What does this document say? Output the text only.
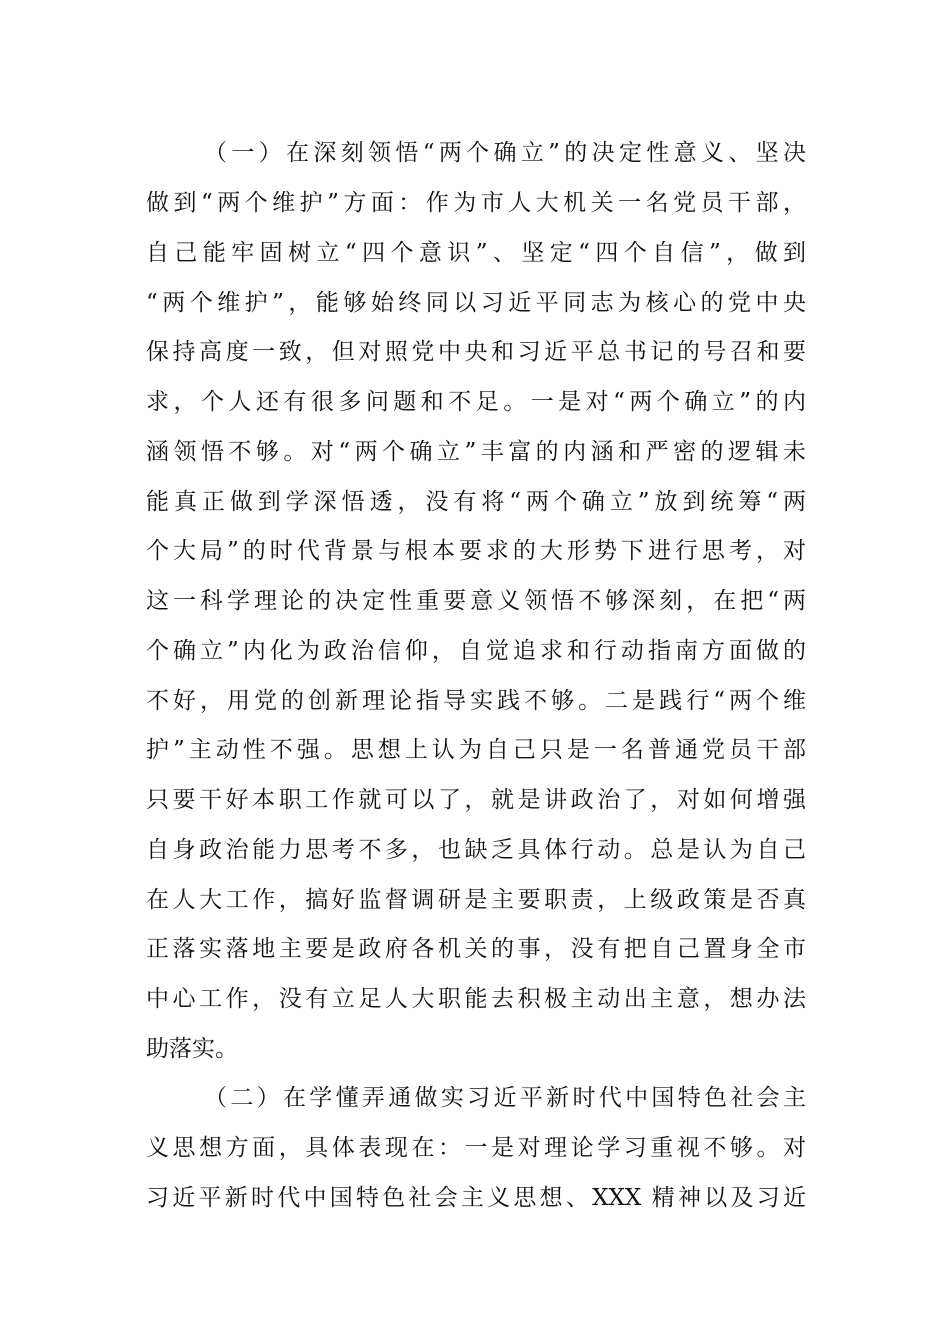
（一）在深刻领悟“两个确立”的决定性意义、坚决
做到“两个维护”方面：作为市人大机关一名党员干部，
自己能牢固树立“四个意识”、坚定“四个自信”，做到
“两个维护”，能够始终同以习近平同志为核心的党中央
保持高度一致，但对照党中央和习近平总书记的号召和要
求，个人还有很多问题和不足。一是对“两个确立”的内
涵领悟不够。对“两个确立”丰富的内涵和严密的逻辑未
能真正做到学深悟透，没有将“两个确立”放到统筹“两
个大局”的时代背景与根本要求的大形势下进行思考，对
这一科学理论的决定性重要意义领悟不够深刻，在把“两
个确立”内化为政治信仰，自觉追求和行动指南方面做的
不好，用党的创新理论指导实践不够。二是践行“两个维
护”主动性不强。思想上认为自己只是一名普通党员干部
只要干好本职工作就可以了，就是讲政治了，对如何增强
自身政治能力思考不多，也缺乏具体行动。总是认为自己
在人大工作，搞好监督调研是主要职责，上级政策是否真
正落实落地主要是政府各机关的事，没有把自己置身全市
中心工作，没有立足人大职能去积极主动出主意，想办法
助落实。
（二）在学懂弄通做实习近平新时代中国特色社会主
义思想方面，具体表现在：一是对理论学习重视不够。对
习近平新时代中国特色社会主义思想、XXX 精神以及习近
